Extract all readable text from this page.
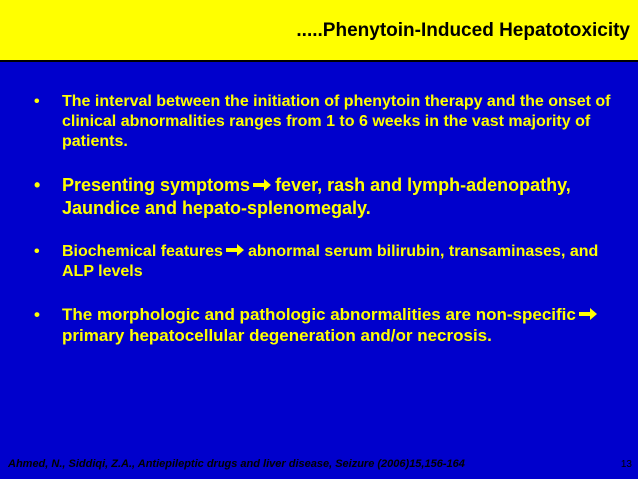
.....Phenytoin-Induced Hepatotoxicity
• The interval between the initiation of phenytoin therapy and the onset of clinical abnormalities ranges from 1 to 6 weeks in the vast majority of patients.
• Presenting symptoms fever, rash and lymph-adenopathy, Jaundice and hepato-splenomegaly.
• Biochemical features abnormal serum bilirubin, transaminases, and ALP levels
• The morphologic and pathologic abnormalities are non-specificprimary hepatocellular degeneration and/or necrosis.
Ahmed, N., Siddiqi, Z.A., Antiepileptic drugs and liver disease, Seizure (2006)15,156-164	13
